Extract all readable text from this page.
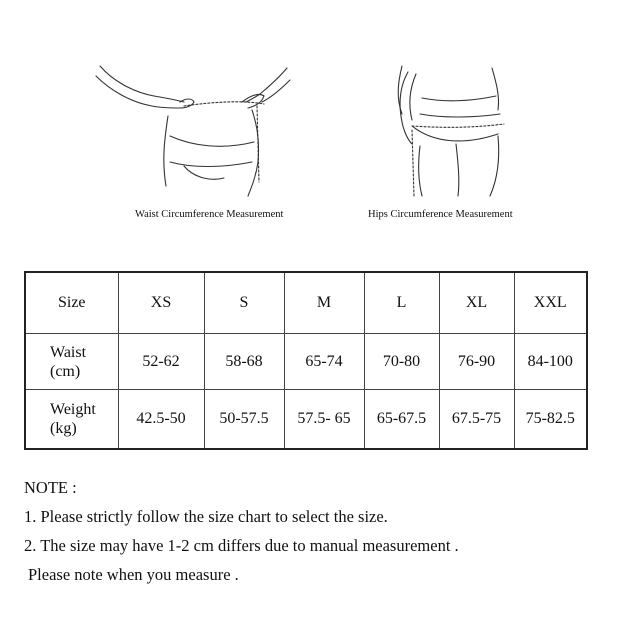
Waist Circumference Measurement	Hips Circumference Measurement
Size	XS	S	M	L	XL	XXL

Waist
(cm)	52-62	58-68	65-74	70-80	76-90	84-100

Weight
(kg)	42.5-50	50-57.5	57.5- 65	65-67.5	67.5-75	75-82.5
NOTE :
1. Please strictly follow the size chart to select the size.
2. The size may have 1-2 cm differs due to manual measurement .
Please note when you measure .
